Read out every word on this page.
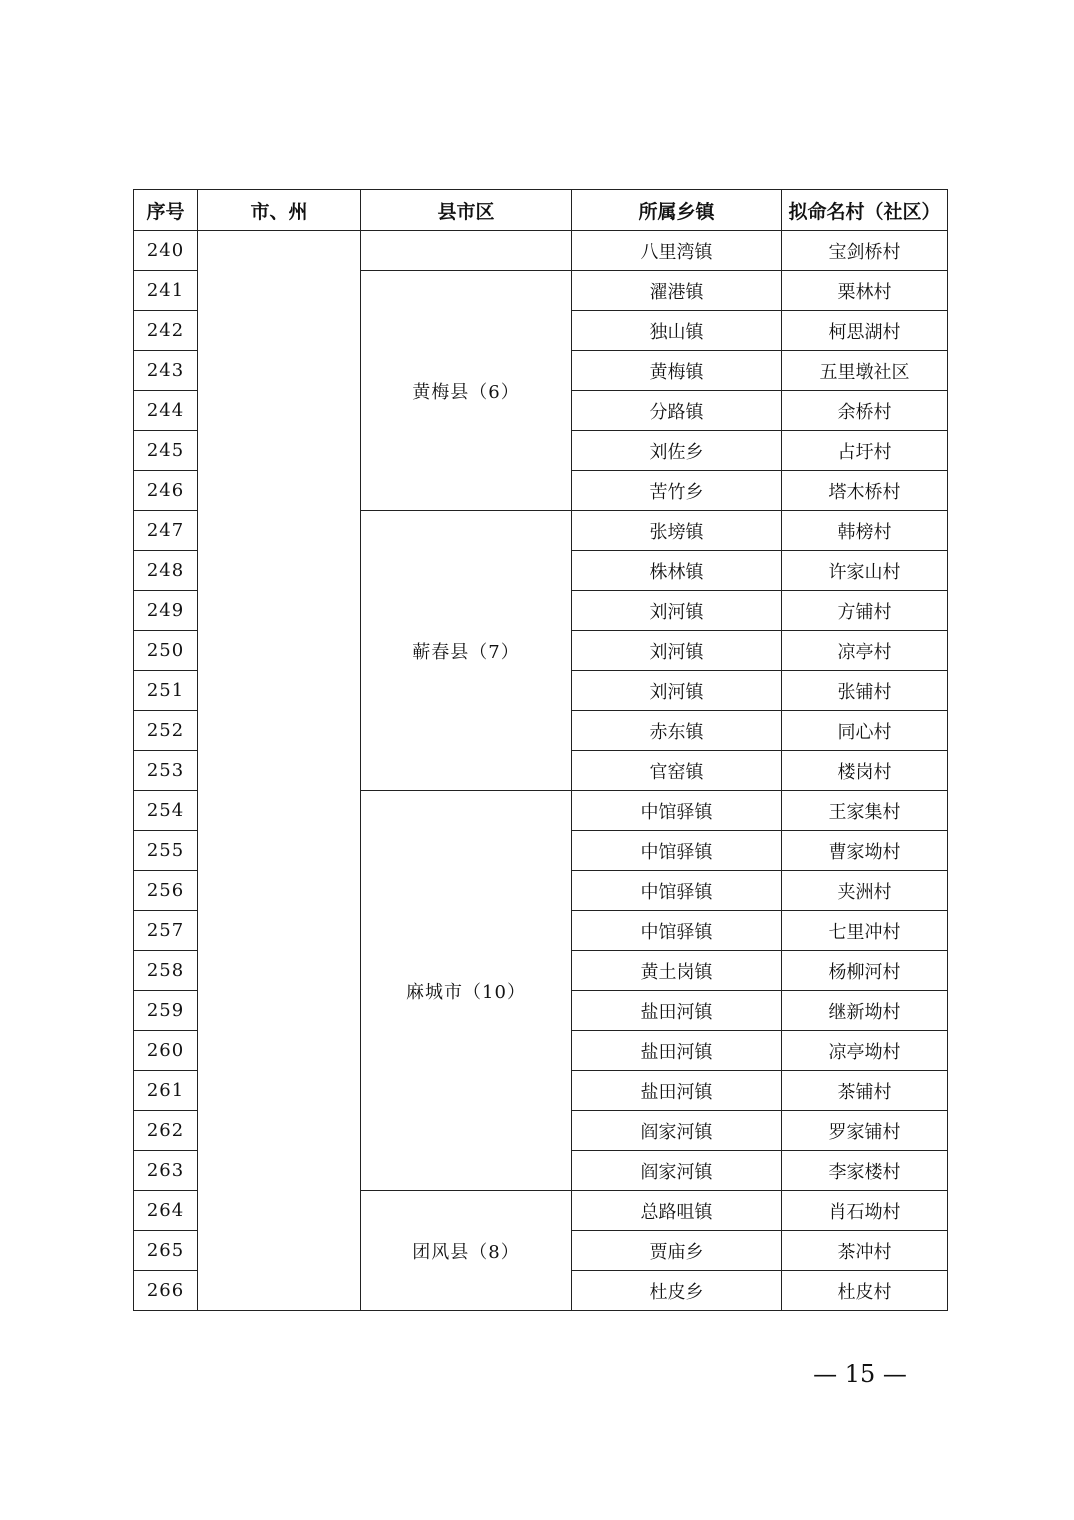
序号	市、州	县市区	所属乡镇	拟命名村（社区）
240			八里湾镇	宝剑桥村
241		黄梅县（6）	濯港镇	栗林村
242			独山镇	柯思湖村
243			黄梅镇	五里墩社区
244			分路镇	余桥村
245			刘佐乡	占圩村
246			苦竹乡	塔木桥村
247		蕲春县（7）	张塝镇	韩榜村
248			株林镇	许家山村
249			刘河镇	方铺村
250			刘河镇	凉亭村
251			刘河镇	张铺村
252			赤东镇	同心村
253			官窑镇	楼岗村
254		麻城市（10）	中馆驿镇	王家集村
255			中馆驿镇	曹家坳村
256			中馆驿镇	夹洲村
257			中馆驿镇	七里冲村
258			黄土岗镇	杨柳河村
259			盐田河镇	继新坳村
260			盐田河镇	凉亭坳村
261			盐田河镇	茶铺村
262			阎家河镇	罗家铺村
263			阎家河镇	李家楼村
264		团风县（8）	总路咀镇	肖石坳村
265			贾庙乡	茶冲村
266			杜皮乡	杜皮村
— 15 —
